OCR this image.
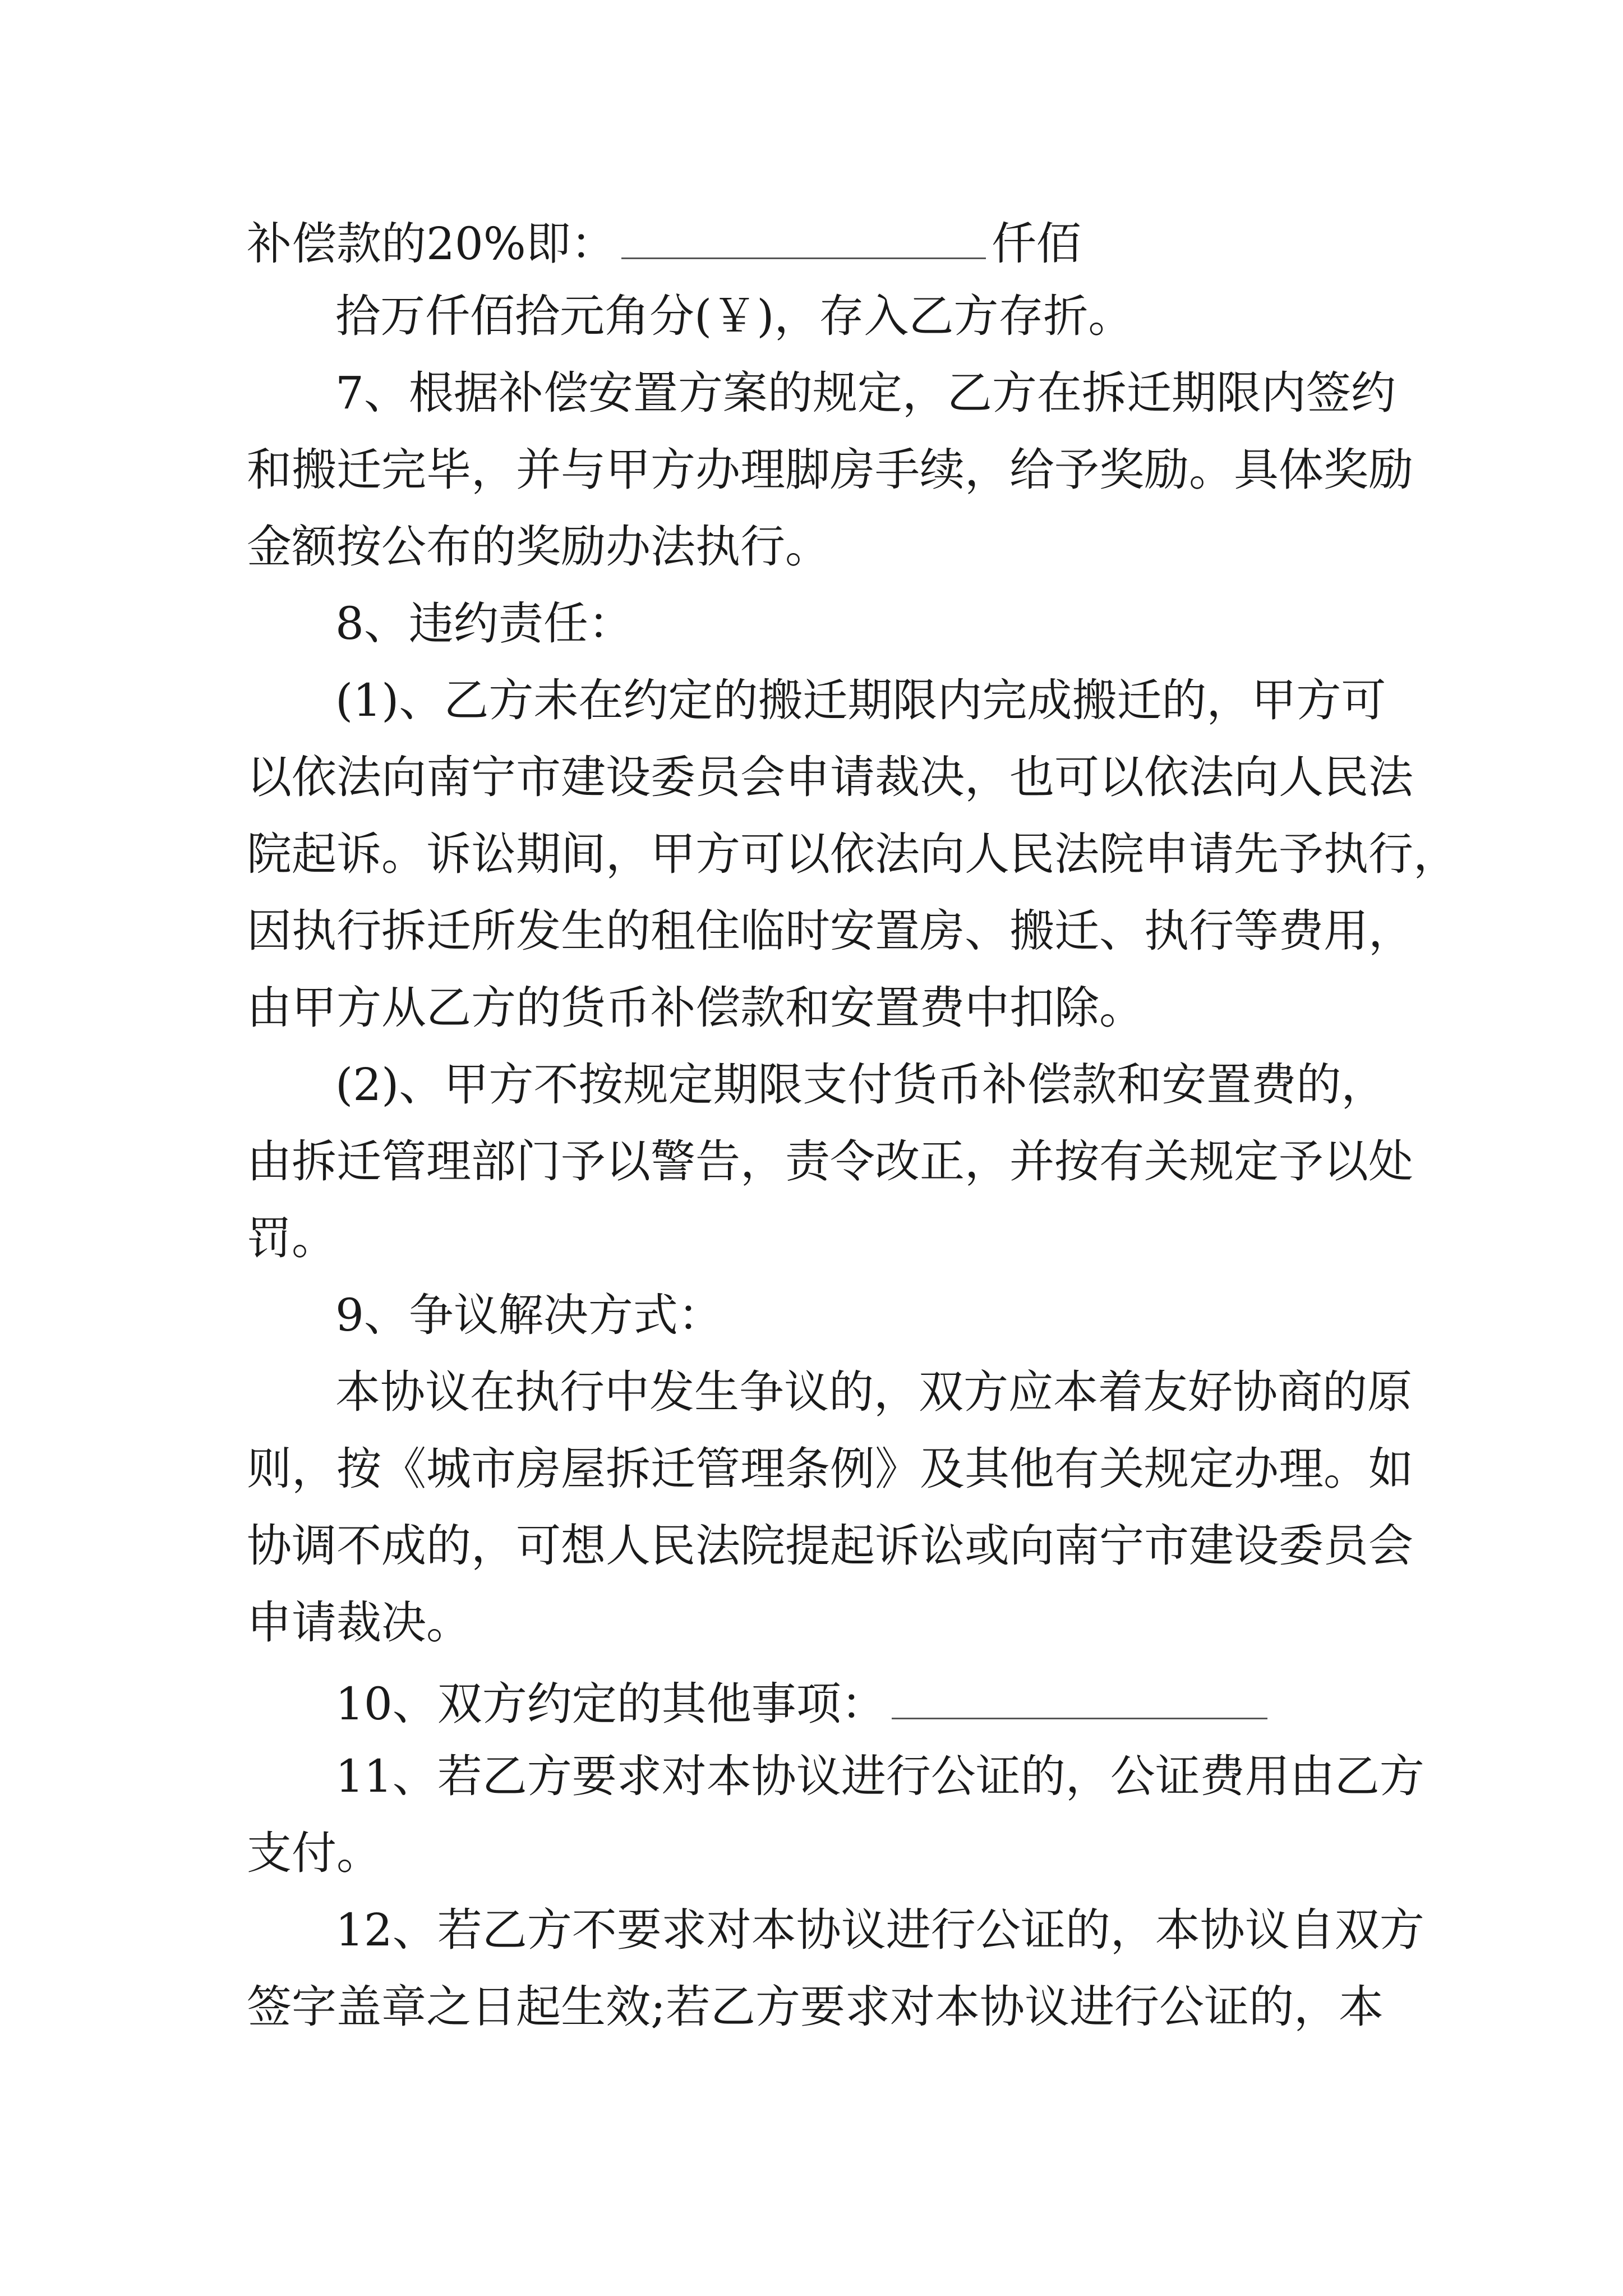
补偿款的20%即：	仟佰
拾万仟佰拾元角分(￥)，存入乙方存折。
7、根据补偿安置方案的规定，乙方在拆迁期限内签约
和搬迁完毕，并与甲方办理脚房手续，给予奖励。具体奖励
金额按公布的奖励办法执行。
8、违约责任：
(1)、乙方未在约定的搬迁期限内完成搬迁的，甲方可
以依法向南宁市建设委员会申请裁决，也可以依法向人民法
院起诉。诉讼期间，甲方可以依法向人民法院申请先予执行，
因执行拆迁所发生的租住临时安置房、搬迁、执行等费用，
由甲方从乙方的货币补偿款和安置费中扣除。
(2)、甲方不按规定期限支付货币补偿款和安置费的，
由拆迁管理部门予以警告，责令改正，并按有关规定予以处
罚。
9、争议解决方式：
本协议在执行中发生争议的，双方应本着友好协商的原
则，按《城市房屋拆迁管理条例》及其他有关规定办理。如
协调不成的，可想人民法院提起诉讼或向南宁市建设委员会
申请裁决。
10、双方约定的其他事项：
11、若乙方要求对本协议进行公证的，公证费用由乙方
支付。
12、若乙方不要求对本协议进行公证的，本协议自双方
签字盖章之日起生效;若乙方要求对本协议进行公证的，本
